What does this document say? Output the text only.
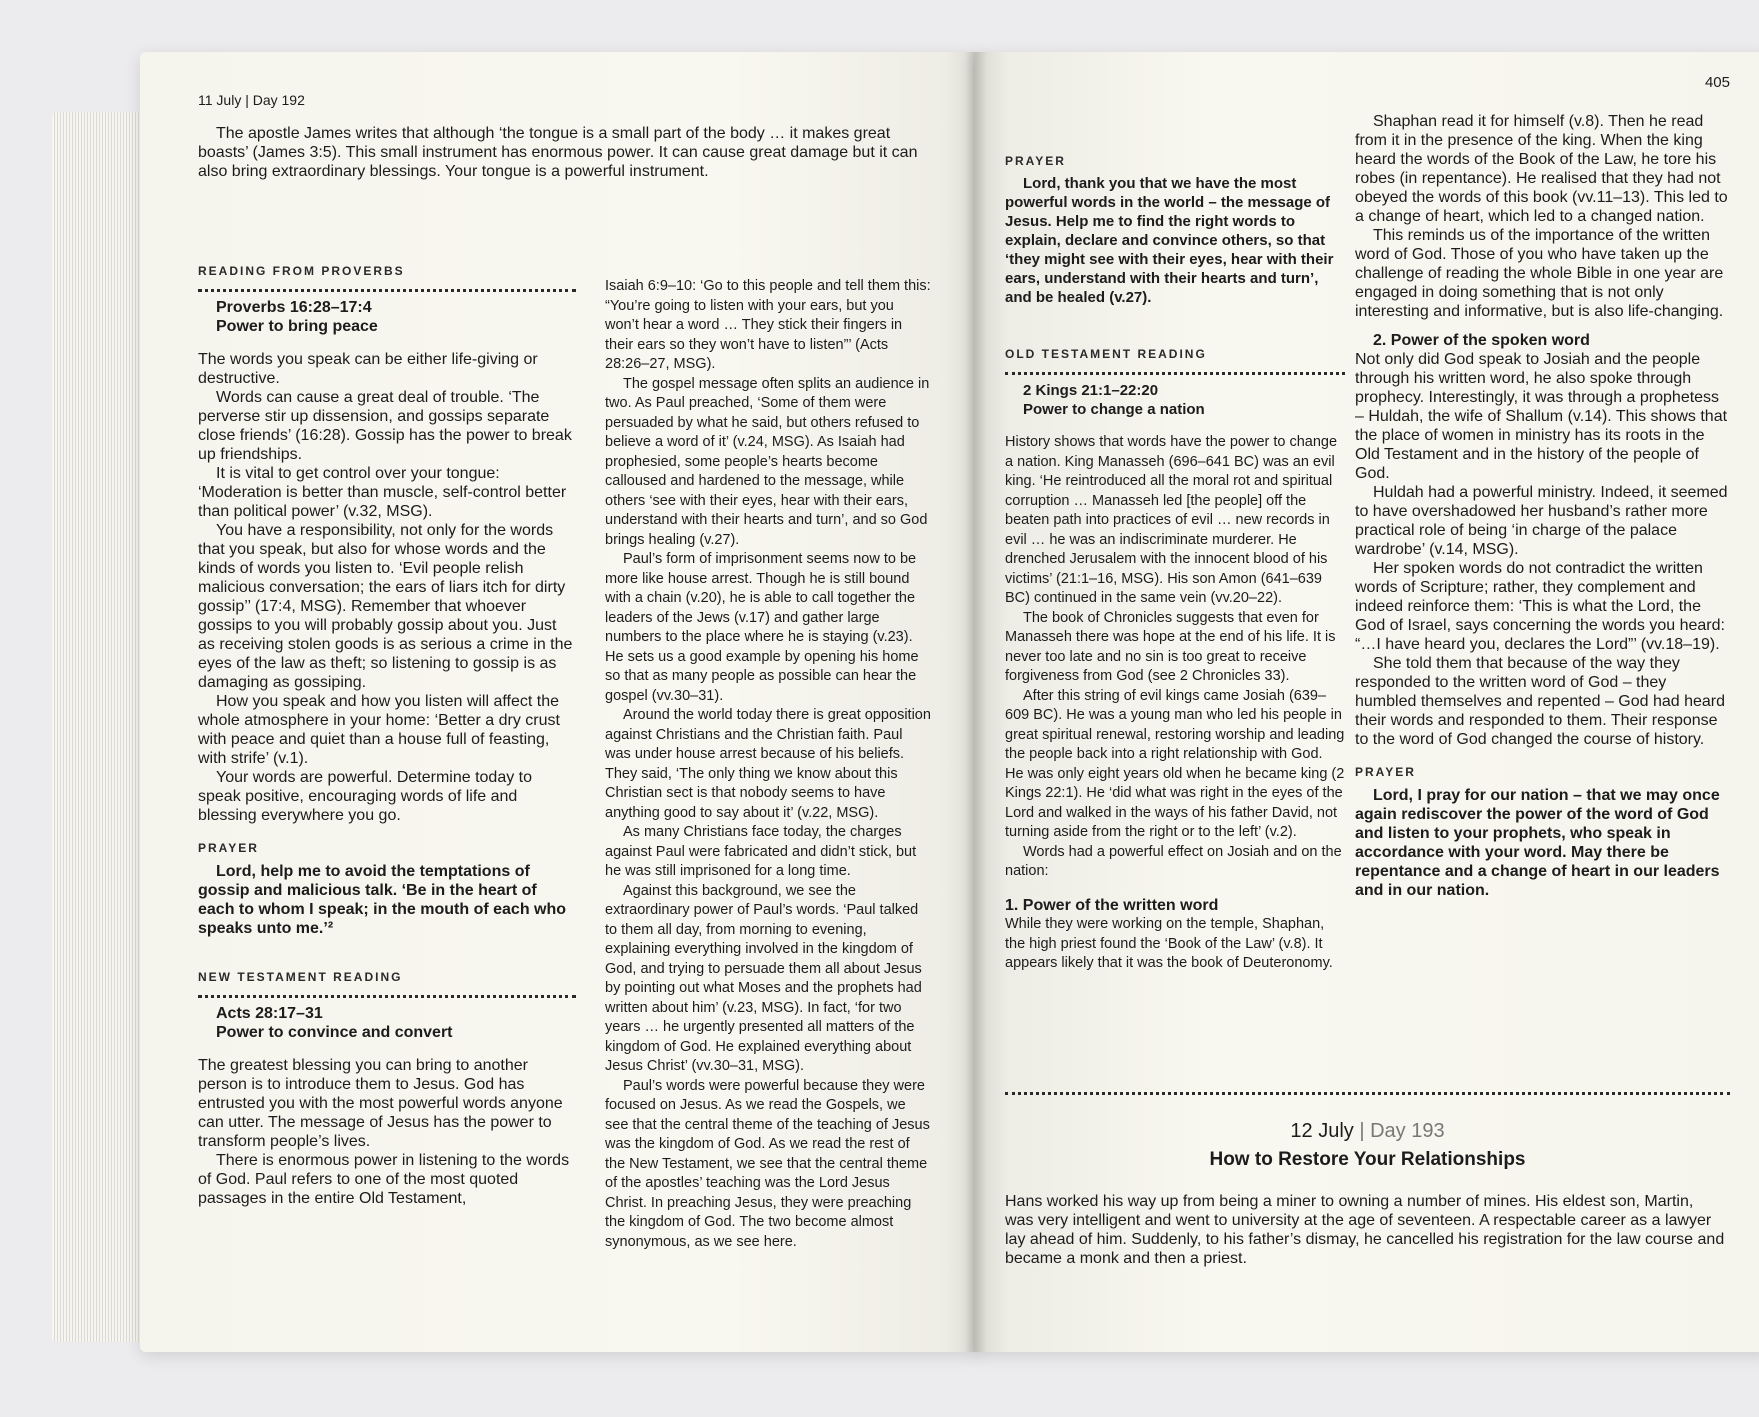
11 July | Day 192

The apostle James writes that although ‘the tongue is a small part of the body … it makes great boasts’ (James 3:5). This small instrument has enormous power. It can cause great damage but it can also bring extraordinary blessings. Your tongue is a powerful instrument.

READING FROM PROVERBS

Proverbs 16:28–17:4

Power to bring peace

The words you speak can be either life-giving or destructive.

Words can cause a great deal of trouble. ‘The perverse stir up dissension, and gossips separate close friends’ (16:28). Gossip has the power to break up friendships.

It is vital to get control over your tongue: ‘Moderation is better than muscle, self-control better than political power’ (v.32, MSG).

You have a responsibility, not only for the words that you speak, but also for whose words and the kinds of words you listen to. ‘Evil people relish malicious conversation; the ears of liars itch for dirty gossip’’ (17:4, MSG). Remember that whoever gossips to you will probably gossip about you. Just as receiving stolen goods is as serious a crime in the eyes of the law as theft; so listening to gossip is as damaging as gossiping.

How you speak and how you listen will affect the whole atmosphere in your home: ‘Better a dry crust with peace and quiet than a house full of feasting, with strife’ (v.1).

Your words are powerful. Determine today to speak positive, encouraging words of life and blessing everywhere you go.

PRAYER

Lord, help me to avoid the temptations of gossip and malicious talk. ‘Be in the heart of each to whom I speak; in the mouth of each who speaks unto me.’²

NEW TESTAMENT READING

Acts 28:17–31

Power to convince and convert

The greatest blessing you can bring to another person is to introduce them to Jesus. God has entrusted you with the most powerful words anyone can utter. The message of Jesus has the power to transform people’s lives.

There is enormous power in listening to the words of God. Paul refers to one of the most quoted passages in the entire Old Testament,

Isaiah 6:9–10: ‘Go to this people and tell them this: “You’re going to listen with your ears, but you won’t hear a word … They stick their fingers in their ears so they won’t have to listen”’ (Acts 28:26–27, MSG).

The gospel message often splits an audience in two. As Paul preached, ‘Some of them were persuaded by what he said, but others refused to believe a word of it’ (v.24, MSG). As Isaiah had prophesied, some people’s hearts become calloused and hardened to the message, while others ‘see with their eyes, hear with their ears, understand with their hearts and turn’, and so God brings healing (v.27).

Paul’s form of imprisonment seems now to be more like house arrest. Though he is still bound with a chain (v.20), he is able to call together the leaders of the Jews (v.17) and gather large numbers to the place where he is staying (v.23). He sets us a good example by opening his home so that as many people as possible can hear the gospel (vv.30–31).

Around the world today there is great opposition against Christians and the Christian faith. Paul was under house arrest because of his beliefs. They said, ‘The only thing we know about this Christian sect is that nobody seems to have anything good to say about it’ (v.22, MSG).

As many Christians face today, the charges against Paul were fabricated and didn’t stick, but he was still imprisoned for a long time.

Against this background, we see the extraordinary power of Paul’s words. ‘Paul talked to them all day, from morning to evening, explaining everything involved in the kingdom of God, and trying to persuade them all about Jesus by pointing out what Moses and the prophets had written about him’ (v.23, MSG). In fact, ‘for two years … he urgently presented all matters of the kingdom of God. He explained everything about Jesus Christ’ (vv.30–31, MSG).

Paul’s words were powerful because they were focused on Jesus. As we read the Gospels, we see that the central theme of the teaching of Jesus was the kingdom of God. As we read the rest of the New Testament, we see that the central theme of the apostles’ teaching was the Lord Jesus Christ. In preaching Jesus, they were preaching the kingdom of God. The two become almost synonymous, as we see here.

405
PRAYER

Lord, thank you that we have the most powerful words in the world – the message of Jesus. Help me to find the right words to explain, declare and convince others, so that ‘they might see with their eyes, hear with their ears, understand with their hearts and turn’, and be healed (v.27).

OLD TESTAMENT READING

2 Kings 21:1–22:20

Power to change a nation

History shows that words have the power to change a nation. King Manasseh (696–641 BC) was an evil king. ‘He reintroduced all the moral rot and spiritual corruption … Manasseh led [the people] off the beaten path into practices of evil … new records in evil … he was an indiscriminate murderer. He drenched Jerusalem with the innocent blood of his victims’ (21:1–16, MSG). His son Amon (641–639 BC) continued in the same vein (vv.20–22).

The book of Chronicles suggests that even for Manasseh there was hope at the end of his life. It is never too late and no sin is too great to receive forgiveness from God (see 2 Chronicles 33).

After this string of evil kings came Josiah (639–609 BC). He was a young man who led his people in great spiritual renewal, restoring worship and leading the people back into a right relationship with God. He was only eight years old when he became king (2 Kings 22:1). He ‘did what was right in the eyes of the Lord and walked in the ways of his father David, not turning aside from the right or to the left’ (v.2).

Words had a powerful effect on Josiah and on the nation:

1. Power of the written word

While they were working on the temple, Shaphan, the high priest found the ‘Book of the Law’ (v.8). It appears likely that it was the book of Deuteronomy.

Shaphan read it for himself (v.8). Then he read from it in the presence of the king. When the king heard the words of the Book of the Law, he tore his robes (in repentance). He realised that they had not obeyed the words of this book (vv.11–13). This led to a change of heart, which led to a changed nation.

This reminds us of the importance of the written word of God. Those of you who have taken up the challenge of reading the whole Bible in one year are engaged in doing something that is not only interesting and informative, but is also life-changing.

2. Power of the spoken word

Not only did God speak to Josiah and the people through his written word, he also spoke through prophecy. Interestingly, it was through a prophetess – Huldah, the wife of Shallum (v.14). This shows that the place of women in ministry has its roots in the Old Testament and in the history of the people of God.

Huldah had a powerful ministry. Indeed, it seemed to have overshadowed her husband’s rather more practical role of being ‘in charge of the palace wardrobe’ (v.14, MSG).

Her spoken words do not contradict the written words of Scripture; rather, they complement and indeed reinforce them: ‘This is what the Lord, the God of Israel, says concerning the words you heard: “…I have heard you, declares the Lord”’ (vv.18–19).

She told them that because of the way they responded to the written word of God – they humbled themselves and repented – God had heard their words and responded to them. Their response to the word of God changed the course of history.

PRAYER

Lord, I pray for our nation – that we may once again rediscover the power of the word of God and listen to your prophets, who speak in accordance with your word. May there be repentance and a change of heart in our leaders and in our nation.

12 July | Day 193
How to Restore Your Relationships

Hans worked his way up from being a miner to owning a number of mines. His eldest son, Martin, was very intelligent and went to university at the age of seventeen. A respectable career as a lawyer lay ahead of him. Suddenly, to his father’s dismay, he cancelled his registration for the law course and became a monk and then a priest.
